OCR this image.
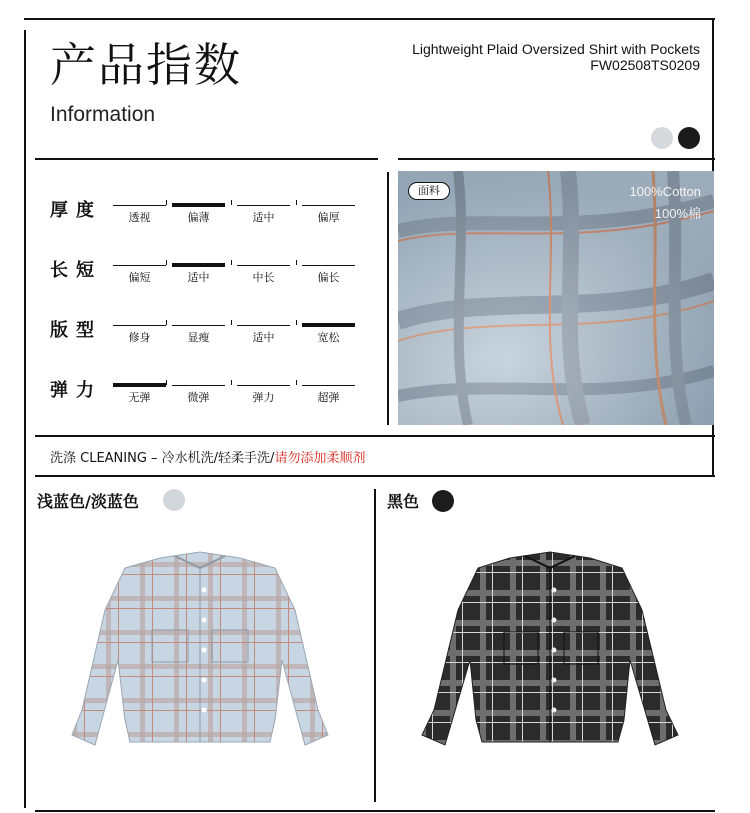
产品指数
Information
Lightweight Plaid Oversized Shirt with Pockets
FW02508TS0209
厚度	透视	偏薄	适中	偏厚
长短	偏短	适中	中长	偏长
版型	修身	显瘦	适中	宽松
弹力	无弹	微弹	弹力	超弹
面料	100%Cotton
100%棉
洗涤 CLEANING – 冷水机洗/轻柔手洗/请勿添加柔顺剂
浅蓝色/淡蓝色	黑色
